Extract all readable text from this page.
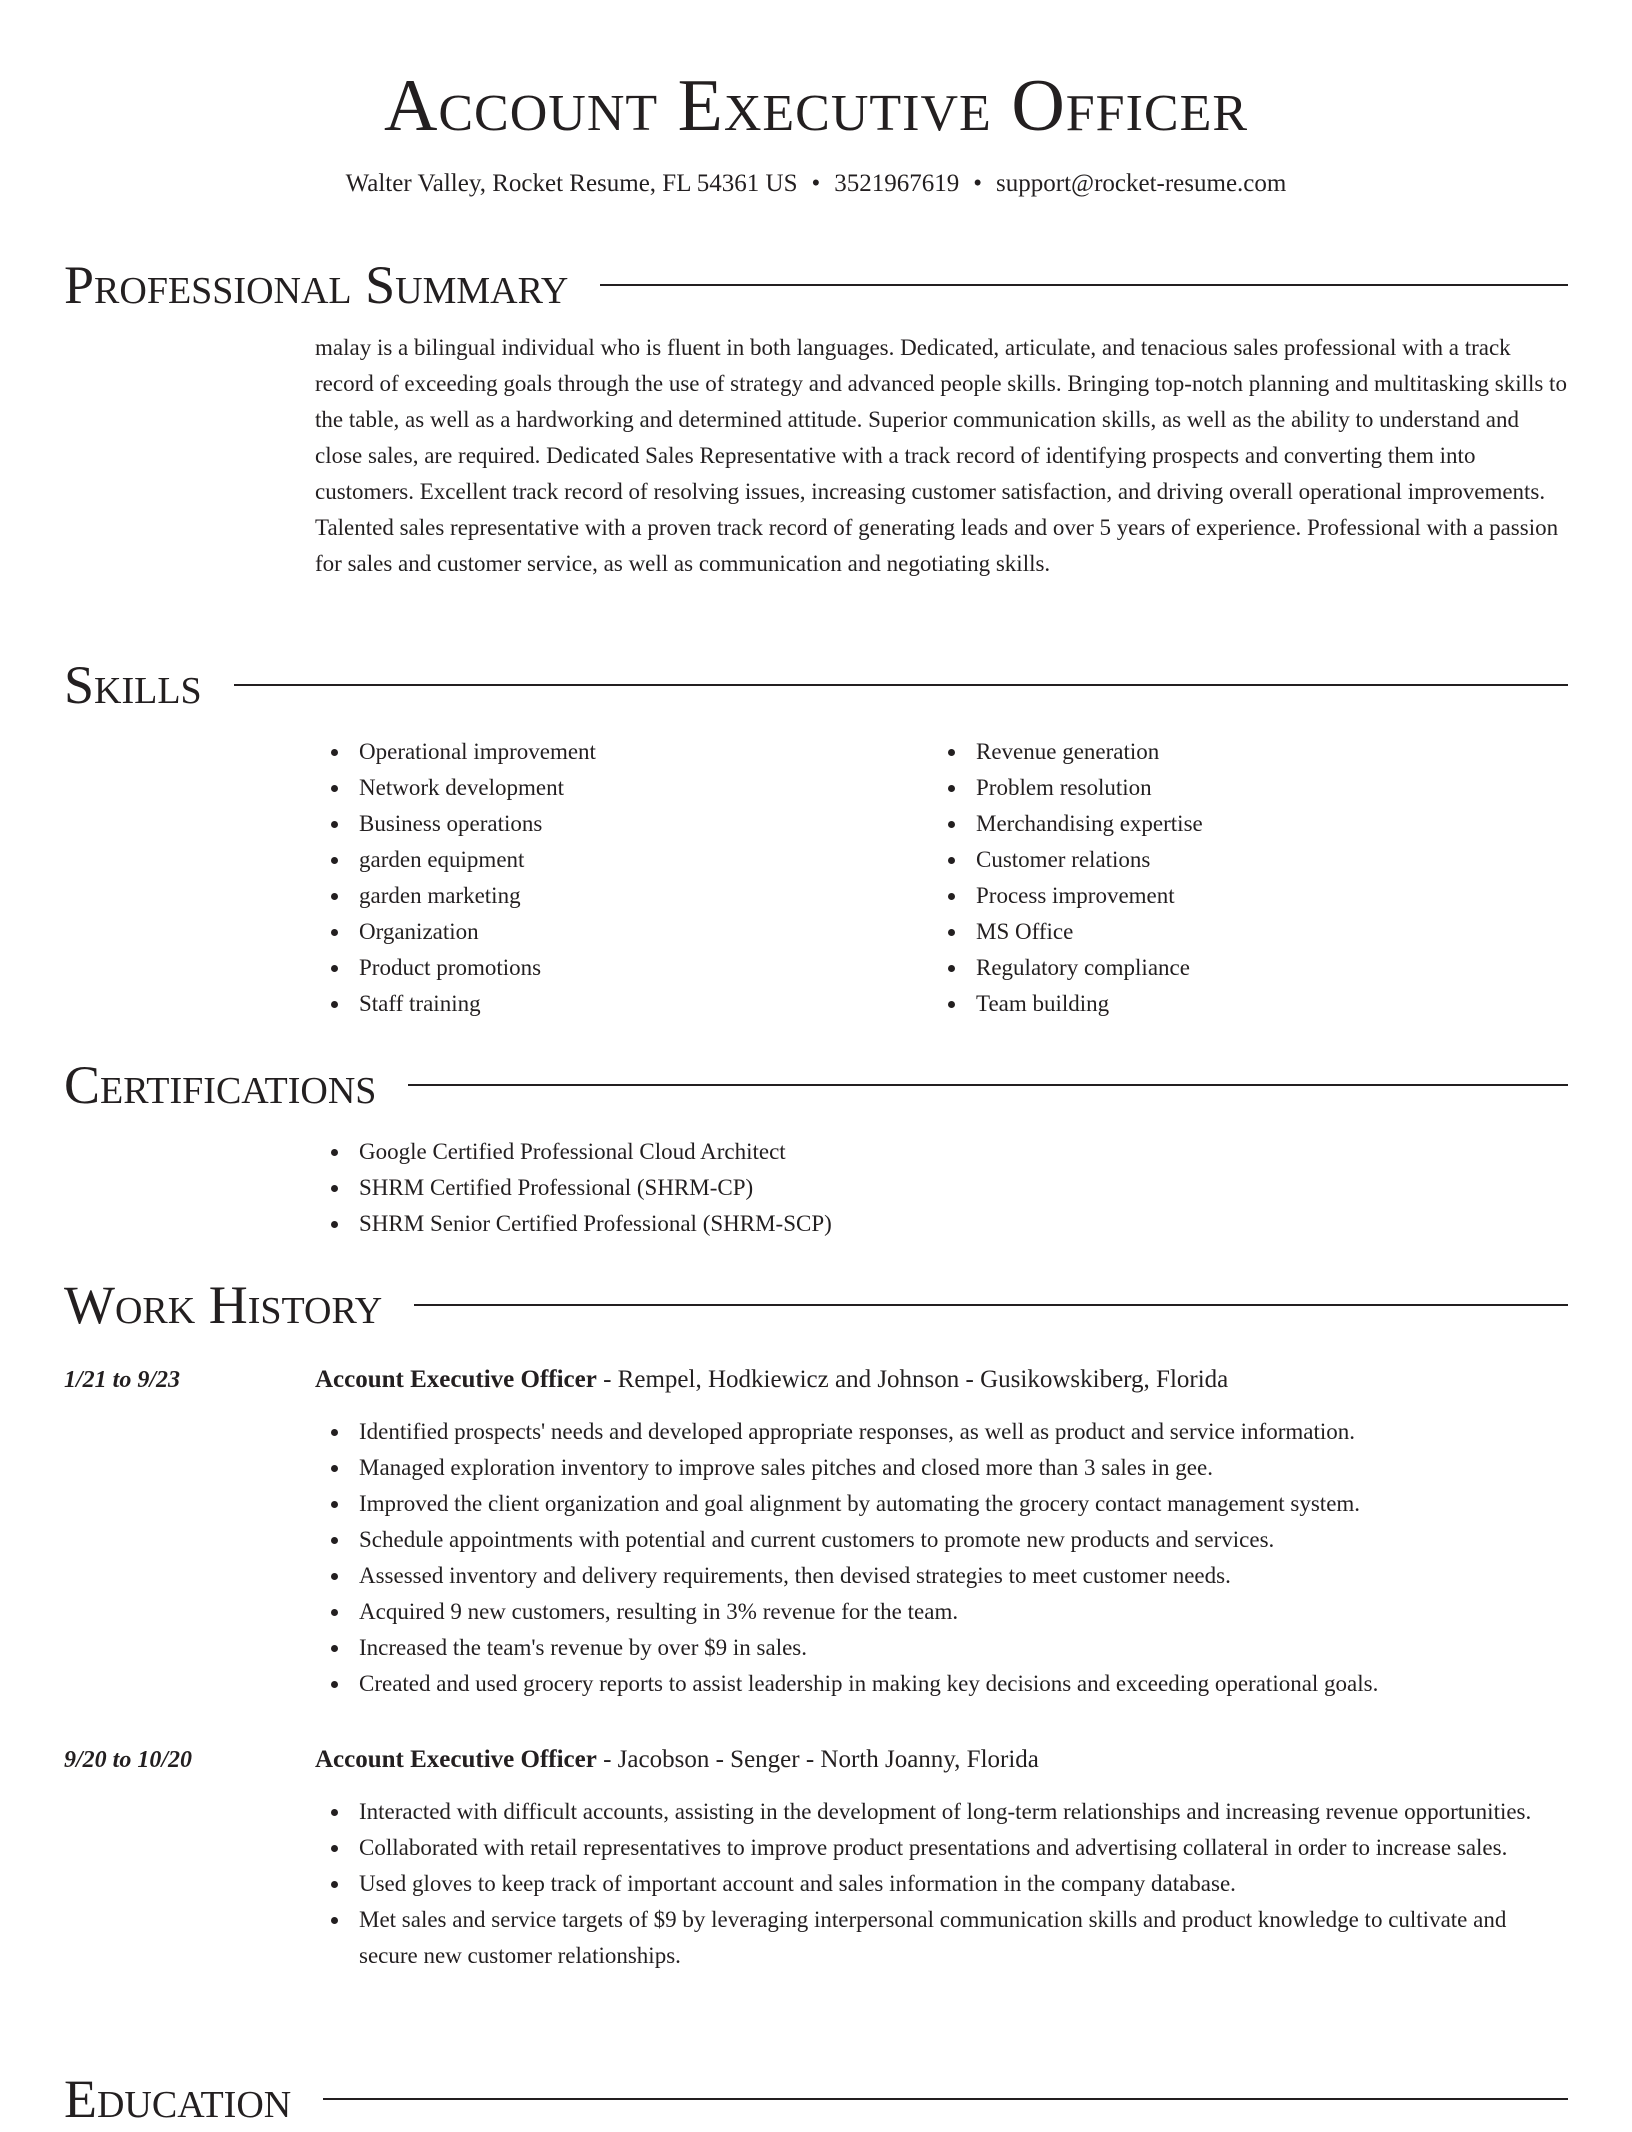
Account Executive Officer
Walter Valley, Rocket Resume, FL 54361 US • 3521967619 • support@rocket-resume.com
Professional Summary

malay is a bilingual individual who is fluent in both languages. Dedicated, articulate, and tenacious sales professional with a track record of exceeding goals through the use of strategy and advanced people skills. Bringing top-notch planning and multitasking skills to the table, as well as a hardworking and determined attitude. Superior communication skills, as well as the ability to understand and close sales, are required. Dedicated Sales Representative with a track record of identifying prospects and converting them into customers. Excellent track record of resolving issues, increasing customer satisfaction, and driving overall operational improvements. Talented sales representative with a proven track record of generating leads and over 5 years of experience. Professional with a passion for sales and customer service, as well as communication and negotiating skills.

Skills
Operational improvement
Network development
Business operations
garden equipment
garden marketing
Organization
Product promotions
Staff training
Revenue generation
Problem resolution
Merchandising expertise
Customer relations
Process improvement
MS Office
Regulatory compliance
Team building
Certifications
Google Certified Professional Cloud Architect
SHRM Certified Professional (SHRM-CP)
SHRM Senior Certified Professional (SHRM-SCP)
Work History
1/21 to 9/23	Account Executive Officer - Rempel, Hodkiewicz and Johnson - Gusikowskiberg, Florida
Identified prospects' needs and developed appropriate responses, as well as product and service information.
Managed exploration inventory to improve sales pitches and closed more than 3 sales in gee.
Improved the client organization and goal alignment by automating the grocery contact management system.
Schedule appointments with potential and current customers to promote new products and services.
Assessed inventory and delivery requirements, then devised strategies to meet customer needs.
Acquired 9 new customers, resulting in 3% revenue for the team.
Increased the team's revenue by over $9 in sales.
Created and used grocery reports to assist leadership in making key decisions and exceeding operational goals.
9/20 to 10/20	Account Executive Officer - Jacobson - Senger - North Joanny, Florida
Interacted with difficult accounts, assisting in the development of long-term relationships and increasing revenue opportunities.
Collaborated with retail representatives to improve product presentations and advertising collateral in order to increase sales.
Used gloves to keep track of important account and sales information in the company database.
Met sales and service targets of $9 by leveraging interpersonal communication skills and product knowledge to cultivate and secure new customer relationships.
Education
